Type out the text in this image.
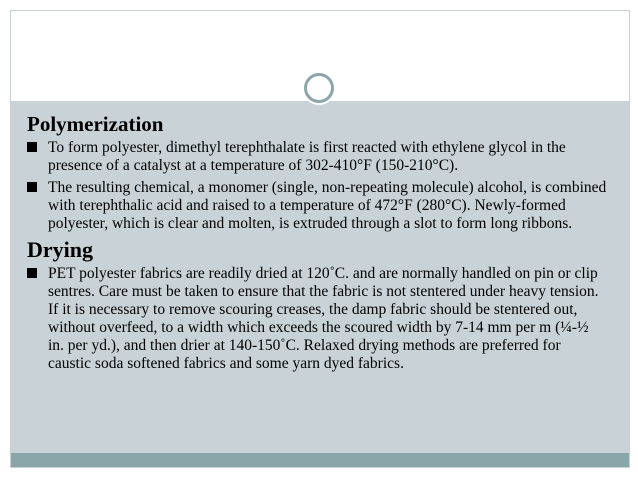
Polymerization
To form polyester, dimethyl terephthalate is first reacted with ethylene glycol in the presence of a catalyst at a temperature of 302-410°F (150-210°C).
The resulting chemical, a monomer (single, non-repeating molecule) alcohol, is combined with terephthalic acid and raised to a temperature of 472°F (280°C). Newly-formed polyester, which is clear and molten, is extruded through a slot to form long ribbons.
Drying
PET polyester fabrics are readily dried at 120˚C. and are normally handled on pin or clip sentres. Care must be taken to ensure that the fabric is not stentered under heavy tension. If it is necessary to remove scouring creases, the damp fabric should be stentered out, without overfeed, to a width which exceeds the scoured width by 7-14 mm per m (¼-½ in. per yd.), and then drier at 140-150˚C. Relaxed drying methods are preferred for caustic soda softened fabrics and some yarn dyed fabrics.
